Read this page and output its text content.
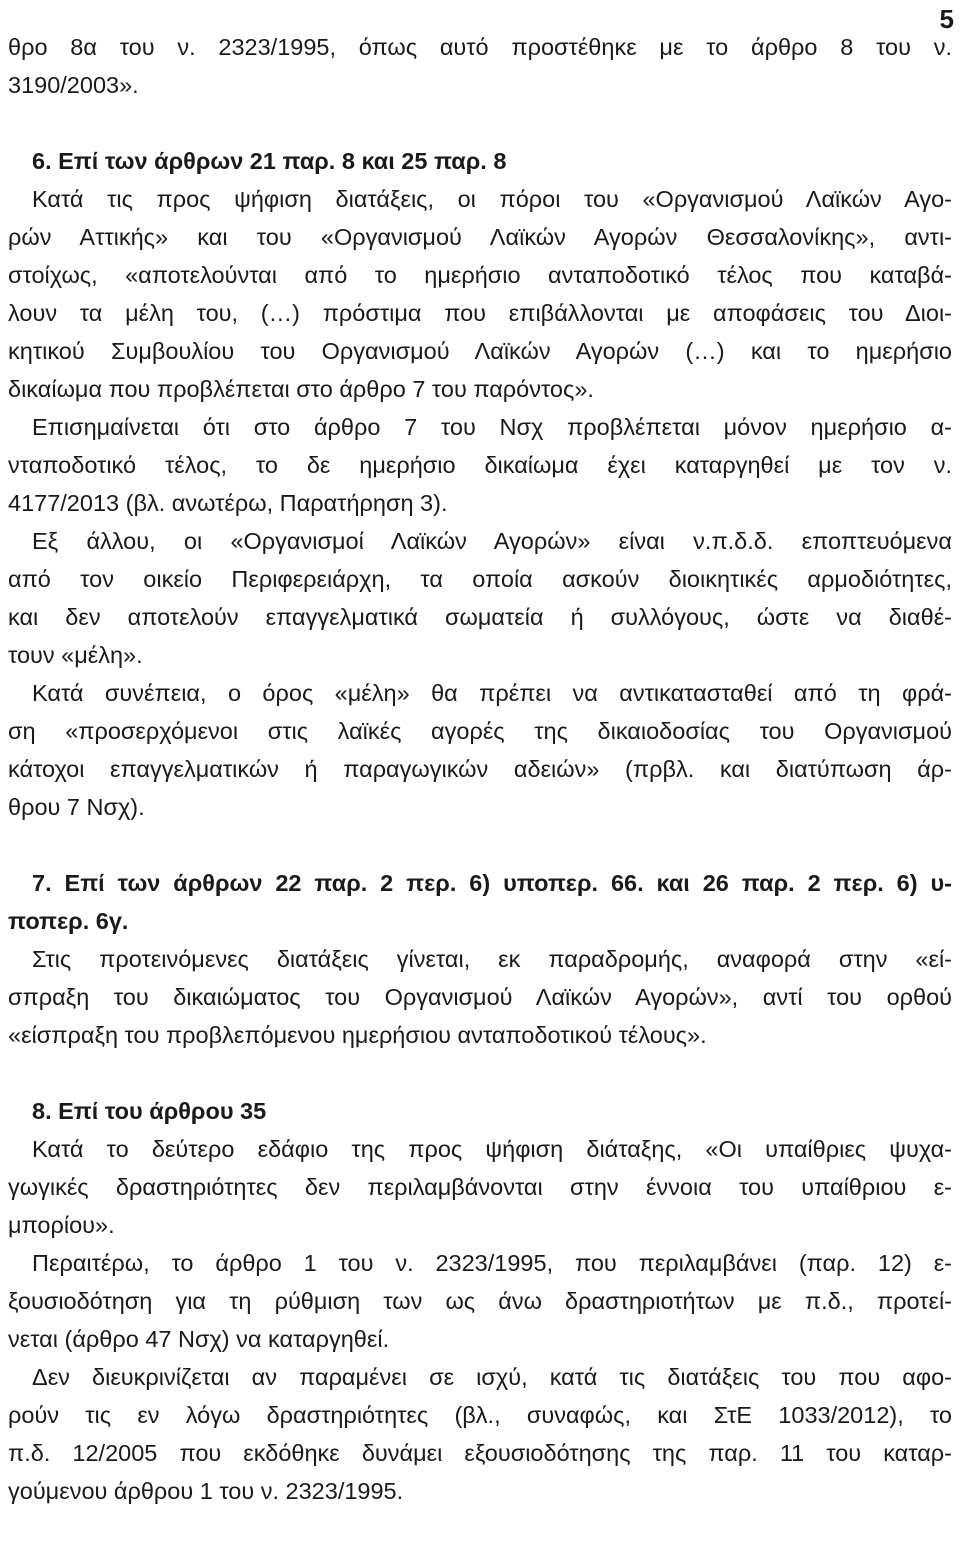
5
θρο 8α του ν. 2323/1995, όπως αυτό προστέθηκε με το άρθρο 8 του ν.
3190/2003».
6. Επί των άρθρων 21 παρ. 8 και 25 παρ. 8
Κατά τις προς ψήφιση διατάξεις, οι πόροι του «Οργανισμού Λαϊκών Αγο-
ρών Αττικής» και του «Οργανισμού Λαϊκών Αγορών Θεσσαλονίκης», αντι-
στοίχως, «αποτελούνται από το ημερήσιο ανταποδοτικό τέλος που καταβά-
λουν τα μέλη του, (…) πρόστιμα που επιβάλλονται με αποφάσεις του Διοι-
κητικού Συμβουλίου του Οργανισμού Λαϊκών Αγορών (…) και το ημερήσιο
δικαίωμα που προβλέπεται στο άρθρο 7 του παρόντος».
Επισημαίνεται ότι στο άρθρο 7 του Νσχ προβλέπεται μόνον ημερήσιο α-
νταποδοτικό τέλος, το δε ημερήσιο δικαίωμα έχει καταργηθεί με τον ν.
4177/2013 (βλ. ανωτέρω, Παρατήρηση 3).
Εξ άλλου, οι «Οργανισμοί Λαϊκών Αγορών» είναι ν.π.δ.δ. εποπτευόμενα
από τον οικείο Περιφερειάρχη, τα οποία ασκούν διοικητικές αρμοδιότητες,
και δεν αποτελούν επαγγελματικά σωματεία ή συλλόγους, ώστε να διαθέ-
τουν «μέλη».
Κατά συνέπεια, ο όρος «μέλη» θα πρέπει να αντικατασταθεί από τη φρά-
ση «προσερχόμενοι στις λαϊκές αγορές της δικαιοδοσίας του Οργανισμού
κάτοχοι επαγγελματικών ή παραγωγικών αδειών» (πρβλ. και διατύπωση άρ-
θρου 7 Νσχ).
7. Επί των άρθρων 22 παρ. 2 περ. 6) υποπερ. 66. και 26 παρ. 2 περ. 6) υ-
ποπερ. 6γ.
Στις προτεινόμενες διατάξεις γίνεται, εκ παραδρομής, αναφορά στην «εί-
σπραξη του δικαιώματος του Οργανισμού Λαϊκών Αγορών», αντί του ορθού
«είσπραξη του προβλεπόμενου ημερήσιου ανταποδοτικού τέλους».
8. Επί του άρθρου 35
Κατά το δεύτερο εδάφιο της προς ψήφιση διάταξης, «Οι υπαίθριες ψυχα-
γωγικές δραστηριότητες δεν περιλαμβάνονται στην έννοια του υπαίθριου ε-
μπορίου».
Περαιτέρω, το άρθρο 1 του ν. 2323/1995, που περιλαμβάνει (παρ. 12) ε-
ξουσιοδότηση για τη ρύθμιση των ως άνω δραστηριοτήτων με π.δ., προτεί-
νεται (άρθρο 47 Νσχ) να καταργηθεί.
Δεν διευκρινίζεται αν παραμένει σε ισχύ, κατά τις διατάξεις του που αφο-
ρούν τις εν λόγω δραστηριότητες (βλ., συναφώς, και ΣτΕ 1033/2012), το
π.δ. 12/2005 που εκδόθηκε δυνάμει εξουσιοδότησης της παρ. 11 του καταρ-
γούμενου άρθρου 1 του ν. 2323/1995.
